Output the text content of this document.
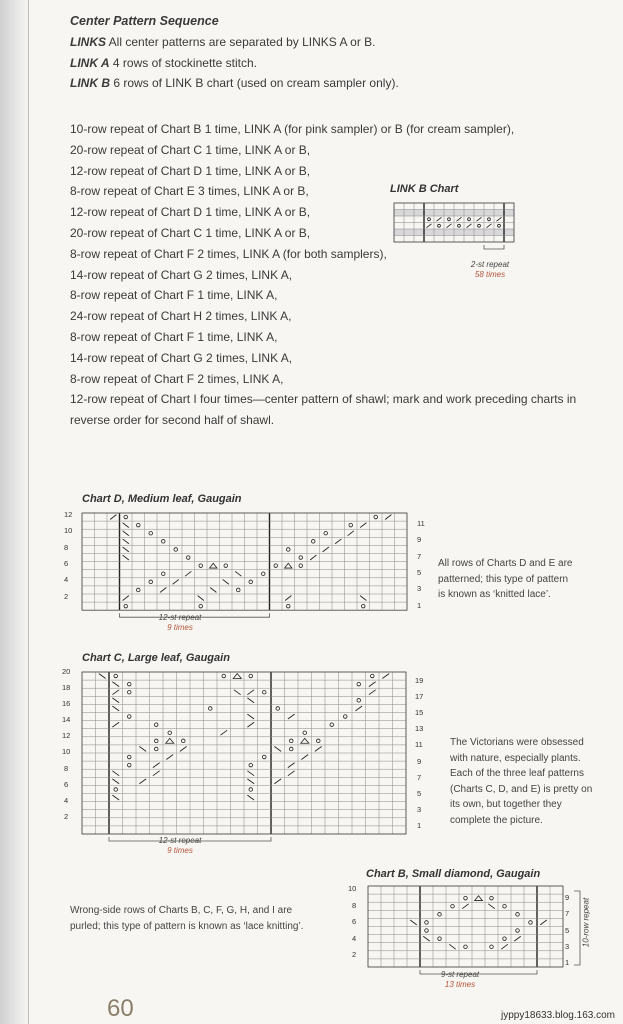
Center Pattern Sequence
LINKS All center patterns are separated by LINKS A or B.
LINK A 4 rows of stockinette stitch.
LINK B 6 rows of LINK B chart (used on cream sampler only).
10-row repeat of Chart B 1 time, LINK A (for pink sampler) or B (for cream sampler),
20-row repeat of Chart C 1 time, LINK A or B,
12-row repeat of Chart D 1 time, LINK A or B,
8-row repeat of Chart E 3 times, LINK A or B,
12-row repeat of Chart D 1 time, LINK A or B,
20-row repeat of Chart C 1 time, LINK A or B,
8-row repeat of Chart F 2 times, LINK A (for both samplers),
14-row repeat of Chart G 2 times, LINK A,
8-row repeat of Chart F 1 time, LINK A,
24-row repeat of Chart H 2 times, LINK A,
8-row repeat of Chart F 1 time, LINK A,
14-row repeat of Chart G 2 times, LINK A,
8-row repeat of Chart F 2 times, LINK A,
12-row repeat of Chart I four times—center pattern of shawl; mark and work preceding charts in
reverse order for second half of shawl.
LINK B Chart
2-st repeat
58 times
Chart D, Medium leaf, Gaugain
12
10
8
6
4
2
11
9
7
5
3
1
12-st repeat
9 times
All rows of Charts D and E are patterned; this type of pattern is known as ‘knitted lace’.
Chart C, Large leaf, Gaugain
20
18
16
14
12
10
8
6
4
2
19
17
15
13
11
9
7
5
3
1
12-st repeat
9 times
The Victorians were obsessed with nature, especially plants. Each of the three leaf patterns (Charts C, D, and E) is pretty on its own, but together they complete the picture.
Chart B, Small diamond, Gaugain
10
8
6
4
2
9
7
5
3
1
10-row repeat
9-st repeat
13 times
Wrong-side rows of Charts B, C, F, G, H, and I are purled; this type of pattern is known as ‘lace knitting’.
60	jyppy18633.blog.163.com
